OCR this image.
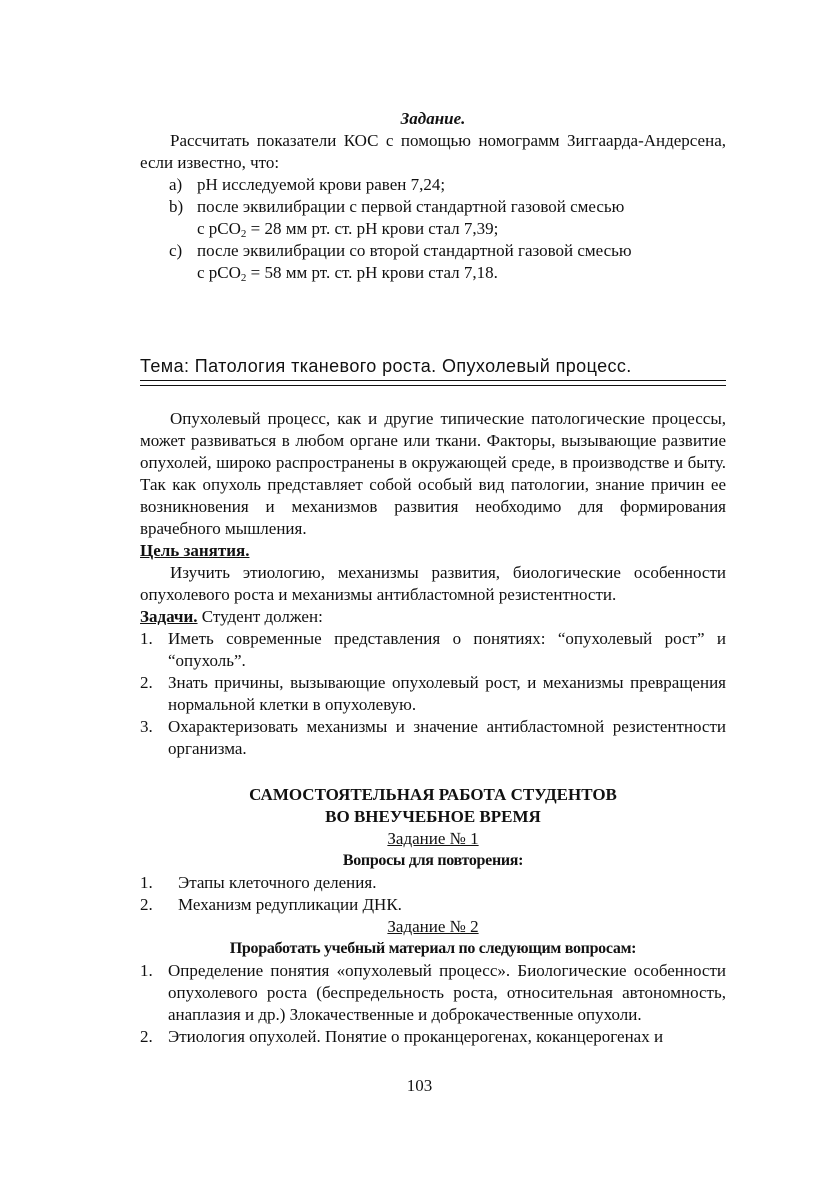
Задание.

Рассчитать показатели КОС с помощью номограмм Зиггаарда-Андерсена, если известно, что:

a) pH исследуемой крови равен 7,24;
b) после эквилибрации с первой стандартной газовой смесью
с pCO$_2$ = 28 мм рт. ст. pH крови стал 7,39;
c) после эквилибрации со второй стандартной газовой смесью
с pCO$_2$ = 58 мм рт. ст. pH крови стал 7,18.

Тема: Патология тканевого роста. Опухолевый процесс.

Опухолевый процесс, как и другие типические патологические процессы, может развиваться в любом органе или ткани. Факторы, вызывающие развитие опухолей, широко распространены в окружающей среде, в производстве и быту. Так как опухоль представляет собой особый вид патологии, знание причин ее возникновения и механизмов развития необходимо для формирования врачебного мышления.

Цель занятия.

Изучить этиологию, механизмы развития, биологические особенности опухолевого роста и механизмы антибластомной резистентности.

Задачи. Студент должен:

1. Иметь современные представления о понятиях: “опухолевый рост” и “опухоль”.
2. Знать причины, вызывающие опухолевый рост, и механизмы превращения нормальной клетки в опухолевую.
3. Охарактеризовать механизмы и значение антибластомной резистентности организма.

САМОСТОЯТЕЛЬНАЯ РАБОТА СТУДЕНТОВ

ВО ВНЕУЧЕБНОЕ ВРЕМЯ

Задание № 1

Вопросы для повторения:

1. Этапы клеточного деления.
2. Механизм редупликации ДНК.

Задание № 2

Проработать учебный материал по следующим вопросам:

1. Определение понятия «опухолевый процесс». Биологические особенности опухолевого роста (беспредельность роста, относительная автономность, анаплазия и др.) Злокачественные и доброкачественные опухоли.
2. Этиология опухолей. Понятие о проканцерогенах, коканцерогенах и
103
